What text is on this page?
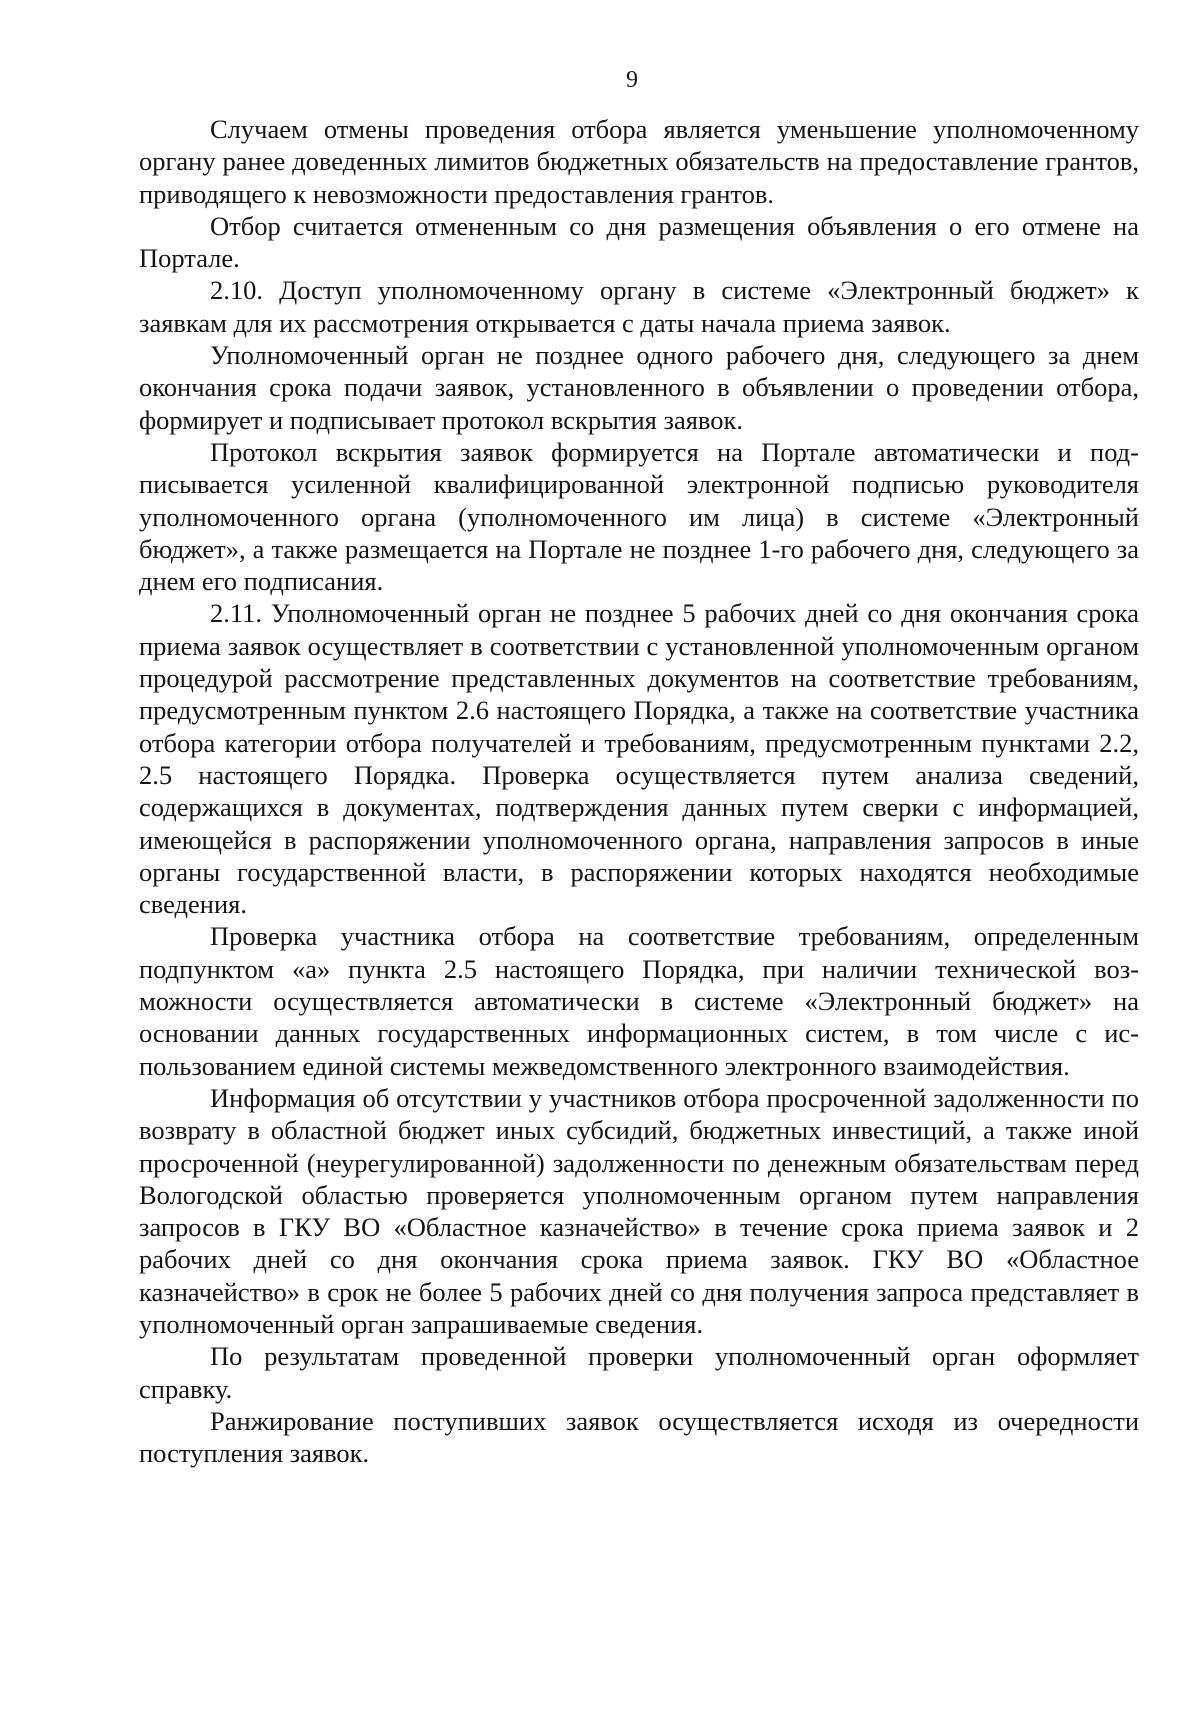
9

Случаем отмены проведения отбора является уменьшение уполномоченному органу ранее доведенных лимитов бюджетных обязательств на предоставление грантов, приводящего к невозможности предоставления грантов.

Отбор считается отмененным со дня размещения объявления о его отмене на Портале.

2.10. Доступ уполномоченному органу в системе «Электронный бюджет» к заявкам для их рассмотрения открывается с даты начала приема заявок.

Уполномоченный орган не позднее одного рабочего дня, следующего за днем окончания срока подачи заявок, установленного в объявлении о проведении отбора, формирует и подписывает протокол вскрытия заявок.

Протокол вскрытия заявок формируется на Портале автоматически и подписывается усиленной квалифицированной электронной подписью руководителя уполномоченного органа (уполномоченного им лица) в системе «Электронный бюджет», а также размещается на Портале не позднее 1-го рабочего дня, следующего за днем его подписания.

2.11. Уполномоченный орган не позднее 5 рабочих дней со дня окончания срока приема заявок осуществляет в соответствии с установленной уполномоченным органом процедурой рассмотрение представленных документов на соответствие требованиям, предусмотренным пунктом 2.6 настоящего Порядка, а также на соответствие участника отбора категории отбора получателей и требованиям, предусмотренным пунктами 2.2, 2.5 настоящего Порядка. Проверка осуществляется путем анализа сведений, содержащихся в документах, подтверждения данных путем сверки с информацией, имеющейся в распоряжении уполномоченного органа, направления запросов в иные органы государственной власти, в распоряжении которых находятся необходимые сведения.

Проверка участника отбора на соответствие требованиям, определенным подпунктом «а» пункта 2.5 настоящего Порядка, при наличии технической возможности осуществляется автоматически в системе «Электронный бюджет» на основании данных государственных информационных систем, в том числе с использованием единой системы межведомственного электронного взаимодействия.

Информация об отсутствии у участников отбора просроченной задолженности по возврату в областной бюджет иных субсидий, бюджетных инвестиций, а также иной просроченной (неурегулированной) задолженности по денежным обязательствам перед Вологодской областью проверяется уполномоченным органом путем направления запросов в ГКУ ВО «Областное казначейство» в течение срока приема заявок и 2 рабочих дней со дня окончания срока приема заявок. ГКУ ВО «Областное казначейство» в срок не более 5 рабочих дней со дня получения запроса представляет в уполномоченный орган запрашиваемые сведения.

По результатам проведенной проверки уполномоченный орган оформляет справку.

Ранжирование поступивших заявок осуществляется исходя из очередности поступления заявок.
